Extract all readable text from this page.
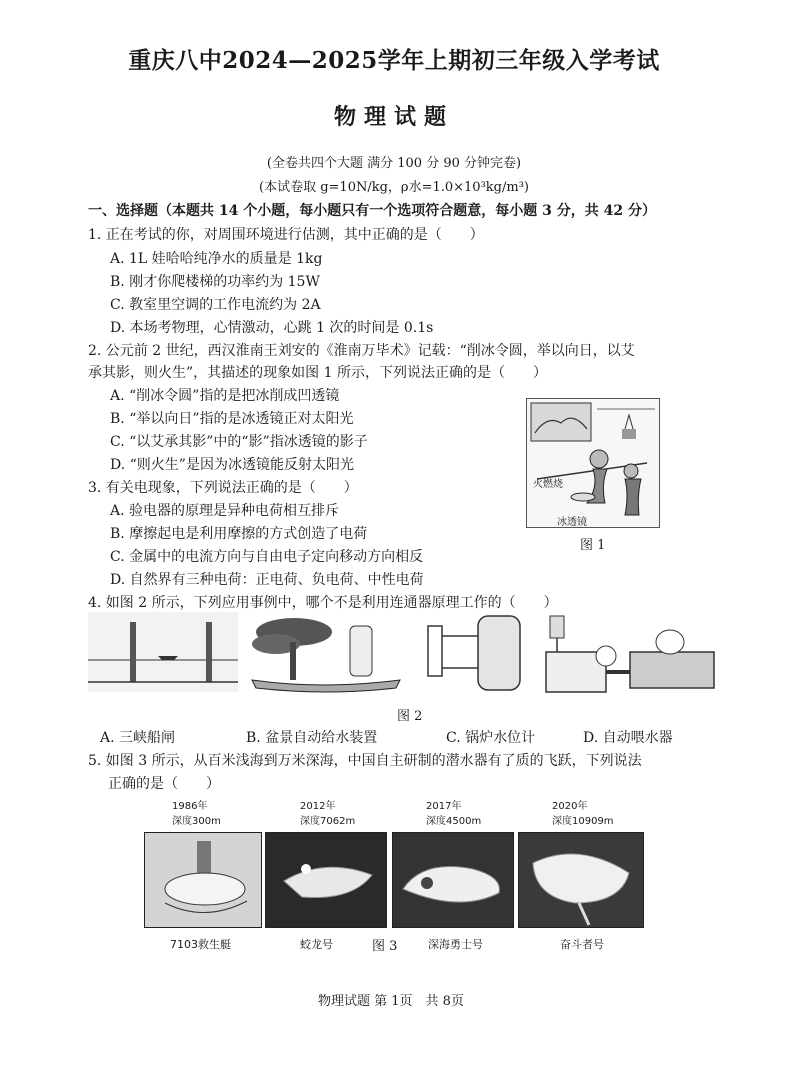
重庆八中2024—2025学年上期初三年级入学考试
物理试题
(全卷共四个大题 满分 100 分 90 分钟完卷)
(本试卷取 g=10N/kg，ρ水=1.0×10³kg/m³)
一、选择题（本题共 14 个小题，每小题只有一个选项符合题意，每小题 3 分，共 42 分）
1. 正在考试的你，对周围环境进行估测，其中正确的是（　　）
A. 1L 娃哈哈纯净水的质量是 1kg
B. 刚才你爬楼梯的功率约为 15W
C. 教室里空调的工作电流约为 2A
D. 本场考物理，心情激动，心跳 1 次的时间是 0.1s
2. 公元前 2 世纪，西汉淮南王刘安的《淮南万毕术》记载：“削冰令圆，举以向日，以艾
承其影，则火生”，其描述的现象如图 1 所示，下列说法正确的是（　　）
A. “削冰令圆”指的是把冰削成凹透镜
B. “举以向日”指的是冰透镜正对太阳光
C. “以艾承其影”中的“影”指冰透镜的影子
D. “则火生”是因为冰透镜能反射太阳光
火燃烧
冰透镜
图 1
3. 有关电现象，下列说法正确的是（　　）
A. 验电器的原理是异种电荷相互排斥
B. 摩擦起电是利用摩擦的方式创造了电荷
C. 金属中的电流方向与自由电子定向移动方向相反
D. 自然界有三种电荷：正电荷、负电荷、中性电荷
4. 如图 2 所示，下列应用事例中，哪个不是利用连通器原理工作的（　　）
图 2
A. 三峡船闸	B. 盆景自动给水装置	C. 锅炉水位计	D. 自动喂水器
5. 如图 3 所示，从百米浅海到万米深海，中国自主研制的潜水器有了质的飞跃，下列说法
正确的是（　　）
1986年
深度300m
2012年
深度7062m
2017年
深度4500m
2020年
深度10909m
7103救生艇	蛟龙号	图 3	深海勇士号	奋斗者号
物理试题 第 1页　共 8页
